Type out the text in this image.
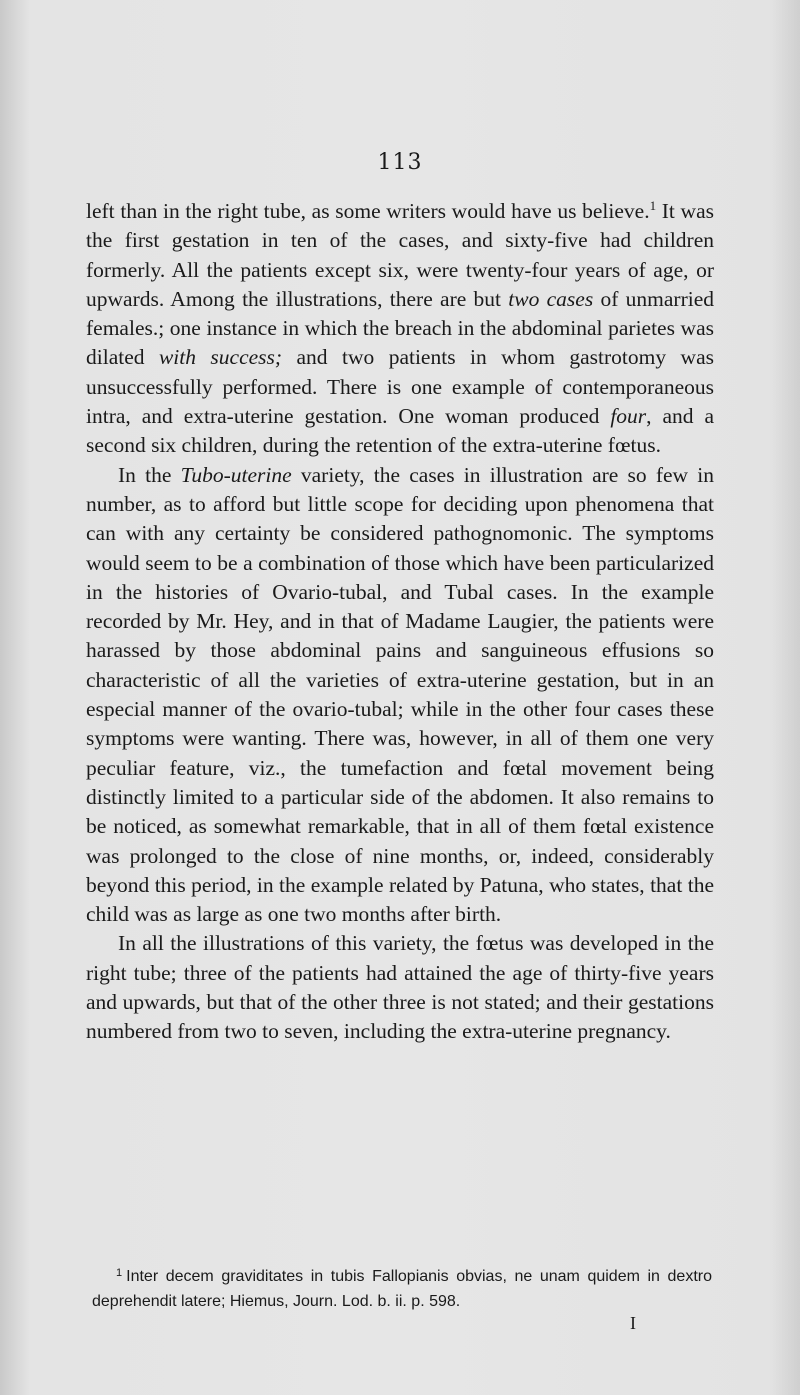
113

left than in the right tube, as some writers would have us believe.$^1$ It was the first gestation in ten of the cases, and sixty-five had children formerly. All the patients except six, were twenty-four years of age, or upwards. Among the illustrations, there are but two cases of unmarried females.; one instance in which the breach in the abdominal parietes was dilated with success; and two patients in whom gastrotomy was unsuccessfully performed. There is one example of contemporaneous intra, and extra-uterine gestation. One woman produced four, and a second six children, during the retention of the extra-uterine fœtus.

In the Tubo-uterine variety, the cases in illustration are so few in number, as to afford but little scope for deciding upon phenomena that can with any certainty be considered pathognomonic. The symptoms would seem to be a combination of those which have been particularized in the histories of Ovario-tubal, and Tubal cases. In the example recorded by Mr. Hey, and in that of Madame Laugier, the patients were harassed by those abdominal pains and sanguineous effusions so characteristic of all the varieties of extra-uterine gestation, but in an especial manner of the ovario-tubal; while in the other four cases these symptoms were wanting. There was, however, in all of them one very peculiar feature, viz., the tumefaction and fœtal movement being distinctly limited to a particular side of the abdomen. It also remains to be noticed, as somewhat remarkable, that in all of them fœtal existence was prolonged to the close of nine months, or, indeed, considerably beyond this period, in the example related by Patuna, who states, that the child was as large as one two months after birth.

In all the illustrations of this variety, the fœtus was developed in the right tube; three of the patients had attained the age of thirty-five years and upwards, but that of the other three is not stated; and their gestations numbered from two to seven, including the extra-uterine pregnancy.

$^1$ Inter decem graviditates in tubis Fallopianis obvias, ne unam quidem in dextro deprehendit latere; Hiemus, Journ. Lod. b. ii. p. 598.

I
